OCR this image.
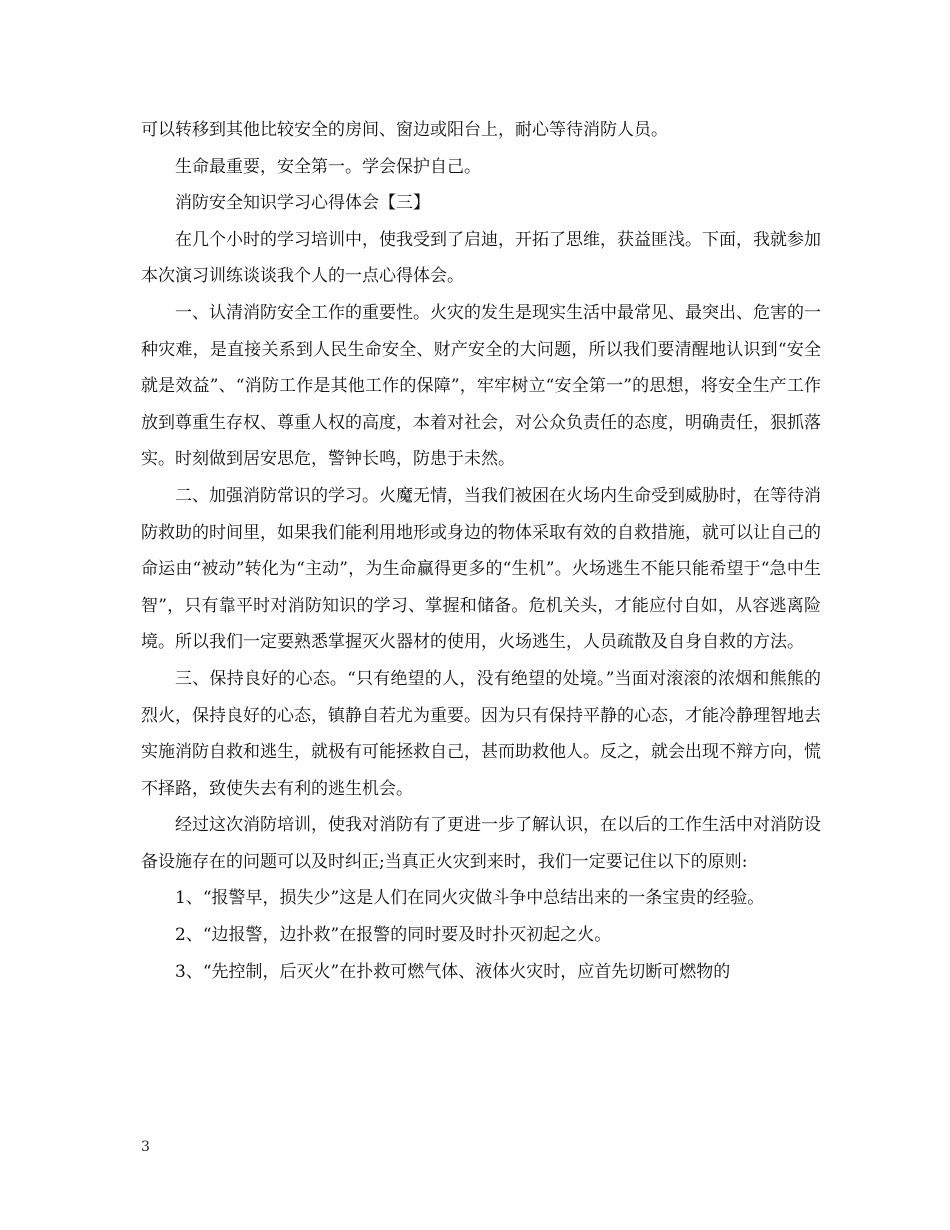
可以转移到其他比较安全的房间、窗边或阳台上，耐心等待消防人员。

生命最重要，安全第一。学会保护自己。

消防安全知识学习心得体会【三】

在几个小时的学习培训中，使我受到了启迪，开拓了思维，获益匪浅。下面，我就参加本次演习训练谈谈我个人的一点心得体会。

一、认清消防安全工作的重要性。火灾的发生是现实生活中最常见、最突出、危害的一种灾难，是直接关系到人民生命安全、财产安全的大问题，所以我们要清醒地认识到“安全就是效益”、“消防工作是其他工作的保障”，牢牢树立“安全第一”的思想，将安全生产工作放到尊重生存权、尊重人权的高度，本着对社会，对公众负责任的态度，明确责任，狠抓落实。时刻做到居安思危，警钟长鸣，防患于未然。

二、加强消防常识的学习。火魔无情，当我们被困在火场内生命受到威胁时，在等待消防救助的时间里，如果我们能利用地形或身边的物体采取有效的自救措施，就可以让自己的命运由“被动”转化为“主动”，为生命赢得更多的“生机”。火场逃生不能只能希望于“急中生智”，只有靠平时对消防知识的学习、掌握和储备。危机关头，才能应付自如，从容逃离险境。所以我们一定要熟悉掌握灭火器材的使用，火场逃生，人员疏散及自身自救的方法。

三、保持良好的心态。“只有绝望的人，没有绝望的处境。”当面对滚滚的浓烟和熊熊的烈火，保持良好的心态，镇静自若尤为重要。因为只有保持平静的心态，才能冷静理智地去实施消防自救和逃生，就极有可能拯救自己，甚而助救他人。反之，就会出现不辩方向，慌不择路，致使失去有利的逃生机会。

经过这次消防培训，使我对消防有了更进一步了解认识，在以后的工作生活中对消防设备设施存在的问题可以及时纠正;当真正火灾到来时，我们一定要记住以下的原则:

1、“报警早，损失少”这是人们在同火灾做斗争中总结出来的一条宝贵的经验。

2、“边报警，边扑救”在报警的同时要及时扑灭初起之火。

3、“先控制，后灭火”在扑救可燃气体、液体火灾时，应首先切断可燃物的

3
